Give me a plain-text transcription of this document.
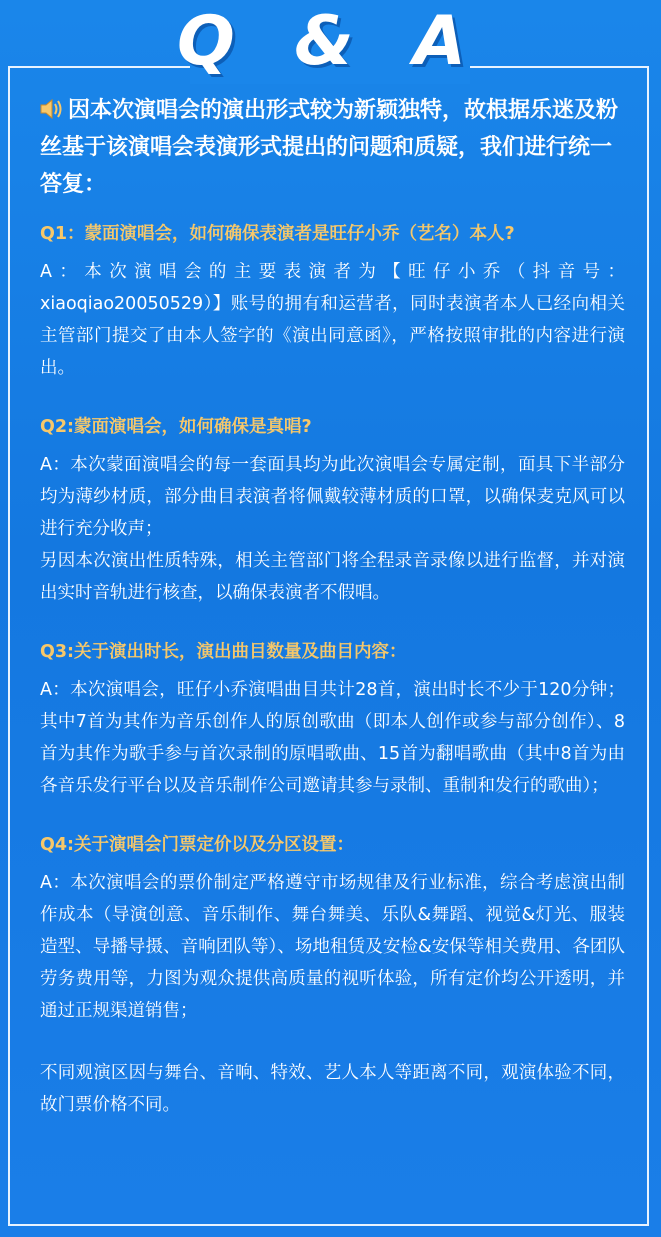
Q & A

因本次演唱会的演出形式较为新颖独特，故根据乐迷及粉丝基于该演唱会表演形式提出的问题和质疑，我们进行统一答复：

Q1：蒙面演唱会，如何确保表演者是旺仔小乔（艺名）本人?

A：本次演唱会的主要表演者为【旺仔小乔（抖音号：xiaoqiao20050529）】账号的拥有和运营者，同时表演者本人已经向相关主管部门提交了由本人签字的《演出同意函》，严格按照审批的内容进行演出。

Q2:蒙面演唱会，如何确保是真唱?

A：本次蒙面演唱会的每一套面具均为此次演唱会专属定制，面具下半部分均为薄纱材质，部分曲目表演者将佩戴较薄材质的口罩，以确保麦克风可以进行充分收声；

另因本次演出性质特殊，相关主管部门将全程录音录像以进行监督，并对演出实时音轨进行核查，以确保表演者不假唱。

Q3:关于演出时长，演出曲目数量及曲目内容：

A：本次演唱会，旺仔小乔演唱曲目共计28首，演出时长不少于120分钟；其中7首为其作为音乐创作人的原创歌曲（即本人创作或参与部分创作）、8首为其作为歌手参与首次录制的原唱歌曲、15首为翻唱歌曲（其中8首为由各音乐发行平台以及音乐制作公司邀请其参与录制、重制和发行的歌曲）；

Q4:关于演唱会门票定价以及分区设置：

A：本次演唱会的票价制定严格遵守市场规律及行业标准，综合考虑演出制作成本（导演创意、音乐制作、舞台舞美、乐队&舞蹈、视觉&灯光、服装造型、导播导摄、音响团队等）、场地租赁及安检&安保等相关费用、各团队劳务费用等，力图为观众提供高质量的视听体验，所有定价均公开透明，并通过正规渠道销售；

不同观演区因与舞台、音响、特效、艺人本人等距离不同，观演体验不同，故门票价格不同。
